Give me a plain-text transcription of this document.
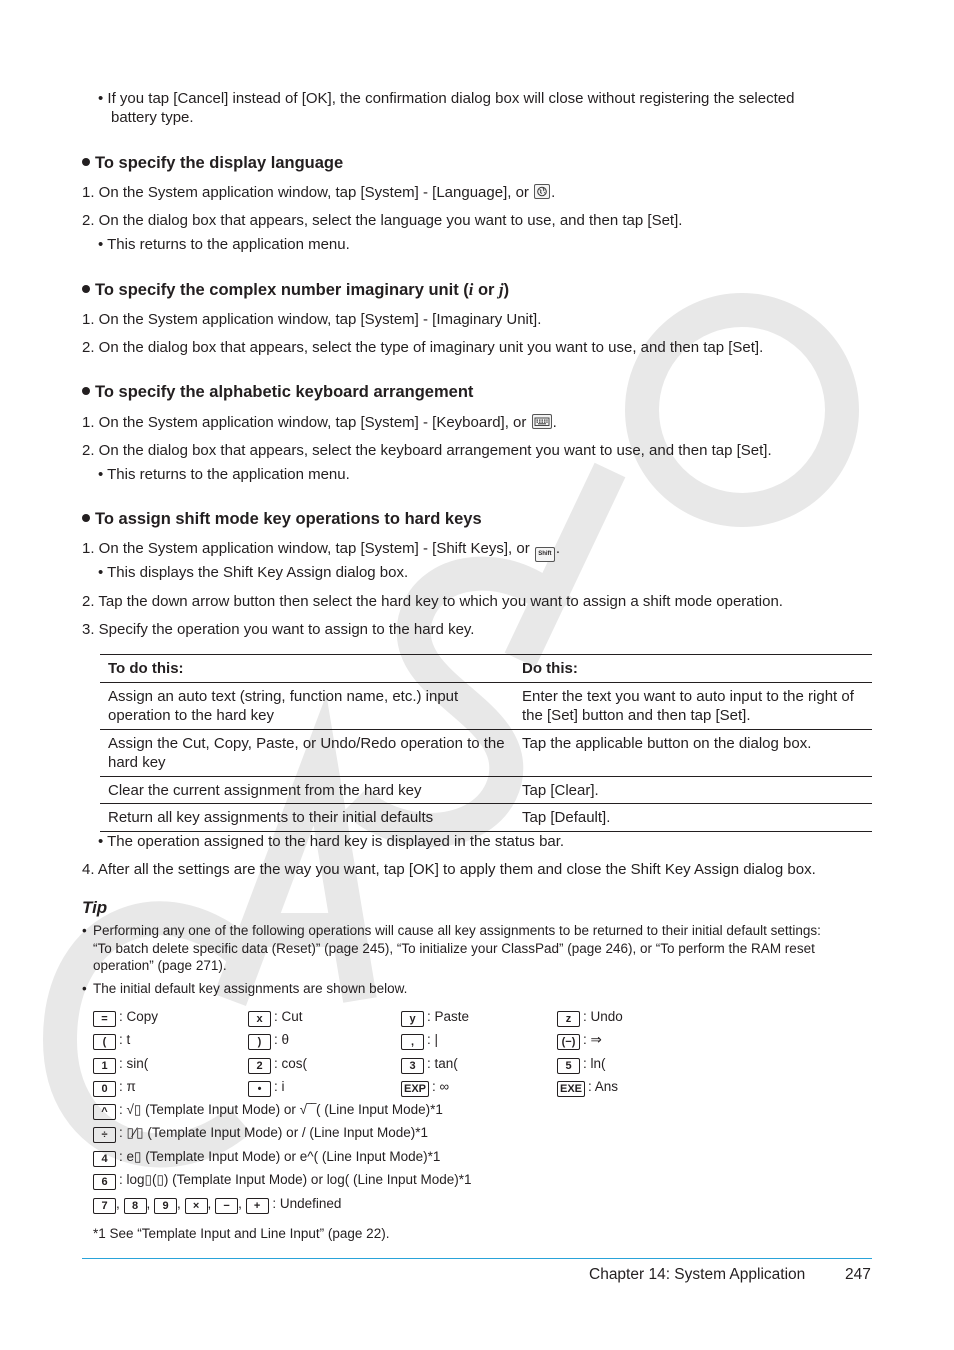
• If you tap [Cancel] instead of [OK], the confirmation dialog box will close without registering the selected

battery type.

To specify the display language

1. On the System application window, tap [System] - [Language], or .

2. On the dialog box that appears, select the language you want to use, and then tap [Set].

• This returns to the application menu.

To specify the complex number imaginary unit (i or j)

1. On the System application window, tap [System] - [Imaginary Unit].

2. On the dialog box that appears, select the type of imaginary unit you want to use, and then tap [Set].

To specify the alphabetic keyboard arrangement

1. On the System application window, tap [System] - [Keyboard], or .

2. On the dialog box that appears, select the keyboard arrangement you want to use, and then tap [Set].

• This returns to the application menu.

To assign shift mode key operations to hard keys

1. On the System application window, tap [System] - [Shift Keys], or Shift .

• This displays the Shift Key Assign dialog box.

2. Tap the down arrow button then select the hard key to which you want to assign a shift mode operation.

3. Specify the operation you want to assign to the hard key.

To do this:	Do this:
Assign an auto text (string, function name, etc.) input operation to the hard key	Enter the text you want to auto input to the right of the [Set] button and then tap [Set].
Assign the Cut, Copy, Paste, or Undo/Redo operation to the hard key	Tap the applicable button on the dialog box.
Clear the current assignment from the hard key	Tap [Clear].
Return all key assignments to their initial defaults	Tap [Default].

• The operation assigned to the hard key is displayed in the status bar.

4. After all the settings are the way you want, tap [OK] to apply them and close the Shift Key Assign dialog box.

Tip

• Performing any one of the following operations will cause all key assignments to be returned to their initial default settings:

“To batch delete specific data (Reset)” (page 245), “To initialize your ClassPad” (page 246), or “To perform the RAM reset

operation” (page 271).

• The initial default key assignments are shown below.

= : Copy	x : Cut	y : Paste	z : Undo
( : t	) : θ	, : |	(−) : ⇒
1 : sin(	2 : cos(	3 : tan(	5 : ln(
0 : π	• : i	EXP : ∞	EXE : Ans
^ : √▯ (Template Input Mode) or √‾‾( (Line Input Mode)*1
÷ : ▯⁄▯ (Template Input Mode) or / (Line Input Mode)*1
4 : e▯ (Template Input Mode) or e^( (Line Input Mode)*1
6 : log▯(▯) (Template Input Mode) or log( (Line Input Mode)*1
7 , 8 , 9 , × , − , + : Undefined

*1 See “Template Input and Line Input” (page 22).

Chapter 14: System Application	247
